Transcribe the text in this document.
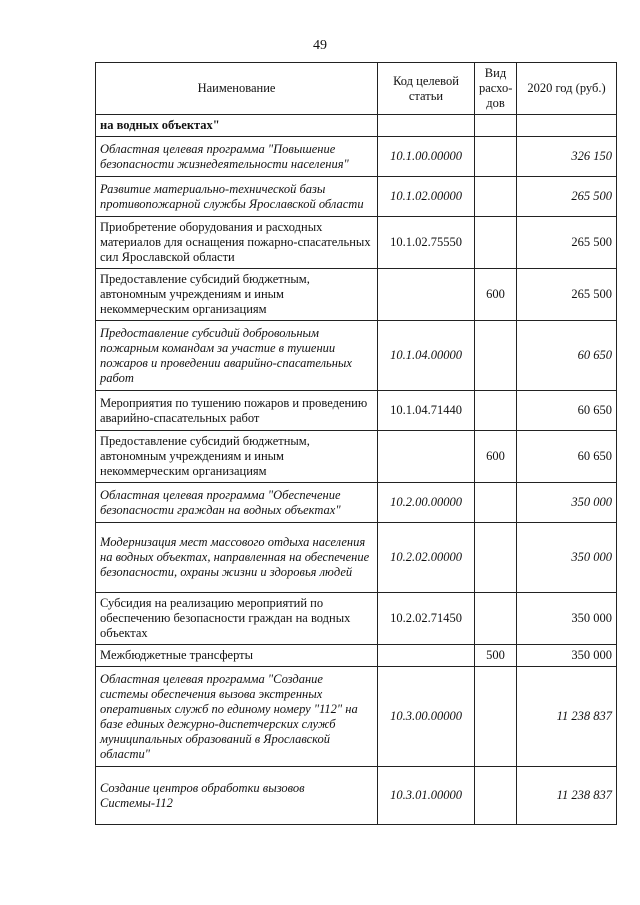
49
Наименование	Код целевой статьи	Вид расхо-дов	2020 год (руб.)
на водных объектах"			
Областная целевая программа "Повышение безопасности жизнедеятельности населения"	10.1.00.00000		326 150
Развитие материально-технической базы противопожарной службы Ярославской области	10.1.02.00000		265 500
Приобретение оборудования и расходных материалов для оснащения пожарно-спасательных сил Ярославской области	10.1.02.75550		265 500
Предоставление субсидий бюджетным, автономным учреждениям и иным некоммерческим организациям		600	265 500
Предоставление субсидий добровольным пожарным командам за участие в тушении пожаров и проведении аварийно-спасательных работ	10.1.04.00000		60 650
Мероприятия по тушению пожаров и проведению аварийно-спасательных работ	10.1.04.71440		60 650
Предоставление субсидий бюджетным, автономным учреждениям и иным некоммерческим организациям		600	60 650
Областная целевая программа "Обеспечение безопасности граждан на водных объектах"	10.2.00.00000		350 000
Модернизация мест массового отдыха населения на водных объектах, направленная на обеспечение безопасности, охраны жизни и здоровья людей	10.2.02.00000		350 000
Субсидия на реализацию мероприятий по обеспечению безопасности граждан на водных объектах	10.2.02.71450		350 000
Межбюджетные трансферты		500	350 000
Областная целевая программа "Создание системы обеспечения вызова экстренных оперативных служб по единому номеру "112" на базе единых дежурно-диспетчерских служб муниципальных образований в Ярославской области"	10.3.00.00000		11 238 837
Создание центров обработки вызовов Системы-112	10.3.01.00000		11 238 837
